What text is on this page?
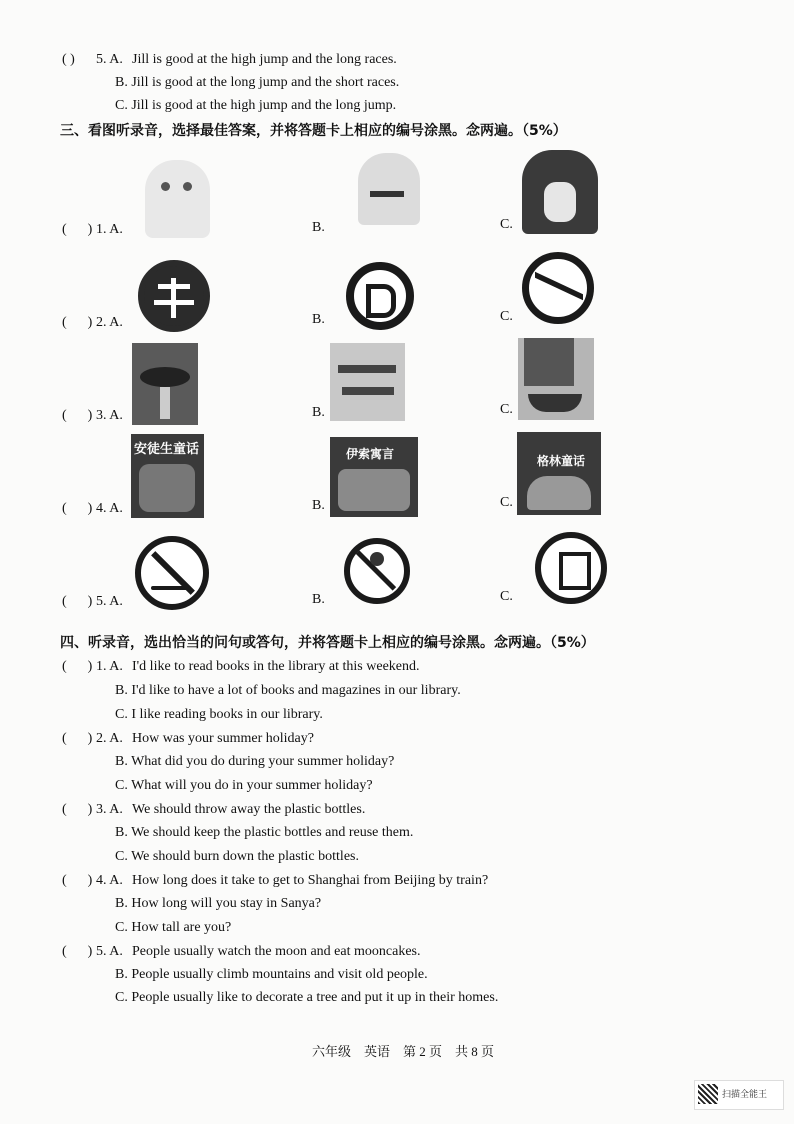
( ) 5. A. Jill is good at the high jump and the long races.
B. Jill is good at the long jump and the short races.
C. Jill is good at the high jump and the long jump.
三、看图听录音，选择最佳答案，并将答题卡上相应的编号涂黑。念两遍。（5%）
(      ) 1. A.	B.	C.
(      ) 2. A.	B.	C.
(      ) 3. A.	B.	C.
(      ) 4. A.
安徒生童话
B.
伊索寓言
C.
格林童话
(      ) 5. A.	B.	C.
四、听录音，选出恰当的问句或答句，并将答题卡上相应的编号涂黑。念两遍。（5%）
(      ) 1. A. I'd like to read books in the library at this weekend.
B. I'd like to have a lot of books and magazines in our library.
C. I like reading books in our library.
(      ) 2. A. How was your summer holiday?
B. What did you do during your summer holiday?
C. What will you do in your summer holiday?
(      ) 3. A. We should throw away the plastic bottles.
B. We should keep the plastic bottles and reuse them.
C. We should burn down the plastic bottles.
(      ) 4. A. How long does it take to get to Shanghai from Beijing by train?
B. How long will you stay in Sanya?
C. How tall are you?
(      ) 5. A. People usually watch the moon and eat mooncakes.
B. People usually climb mountains and visit old people.
C. People usually like to decorate a tree and put it up in their homes.
六年级    英语    第 2 页    共 8 页
扫描全能王
